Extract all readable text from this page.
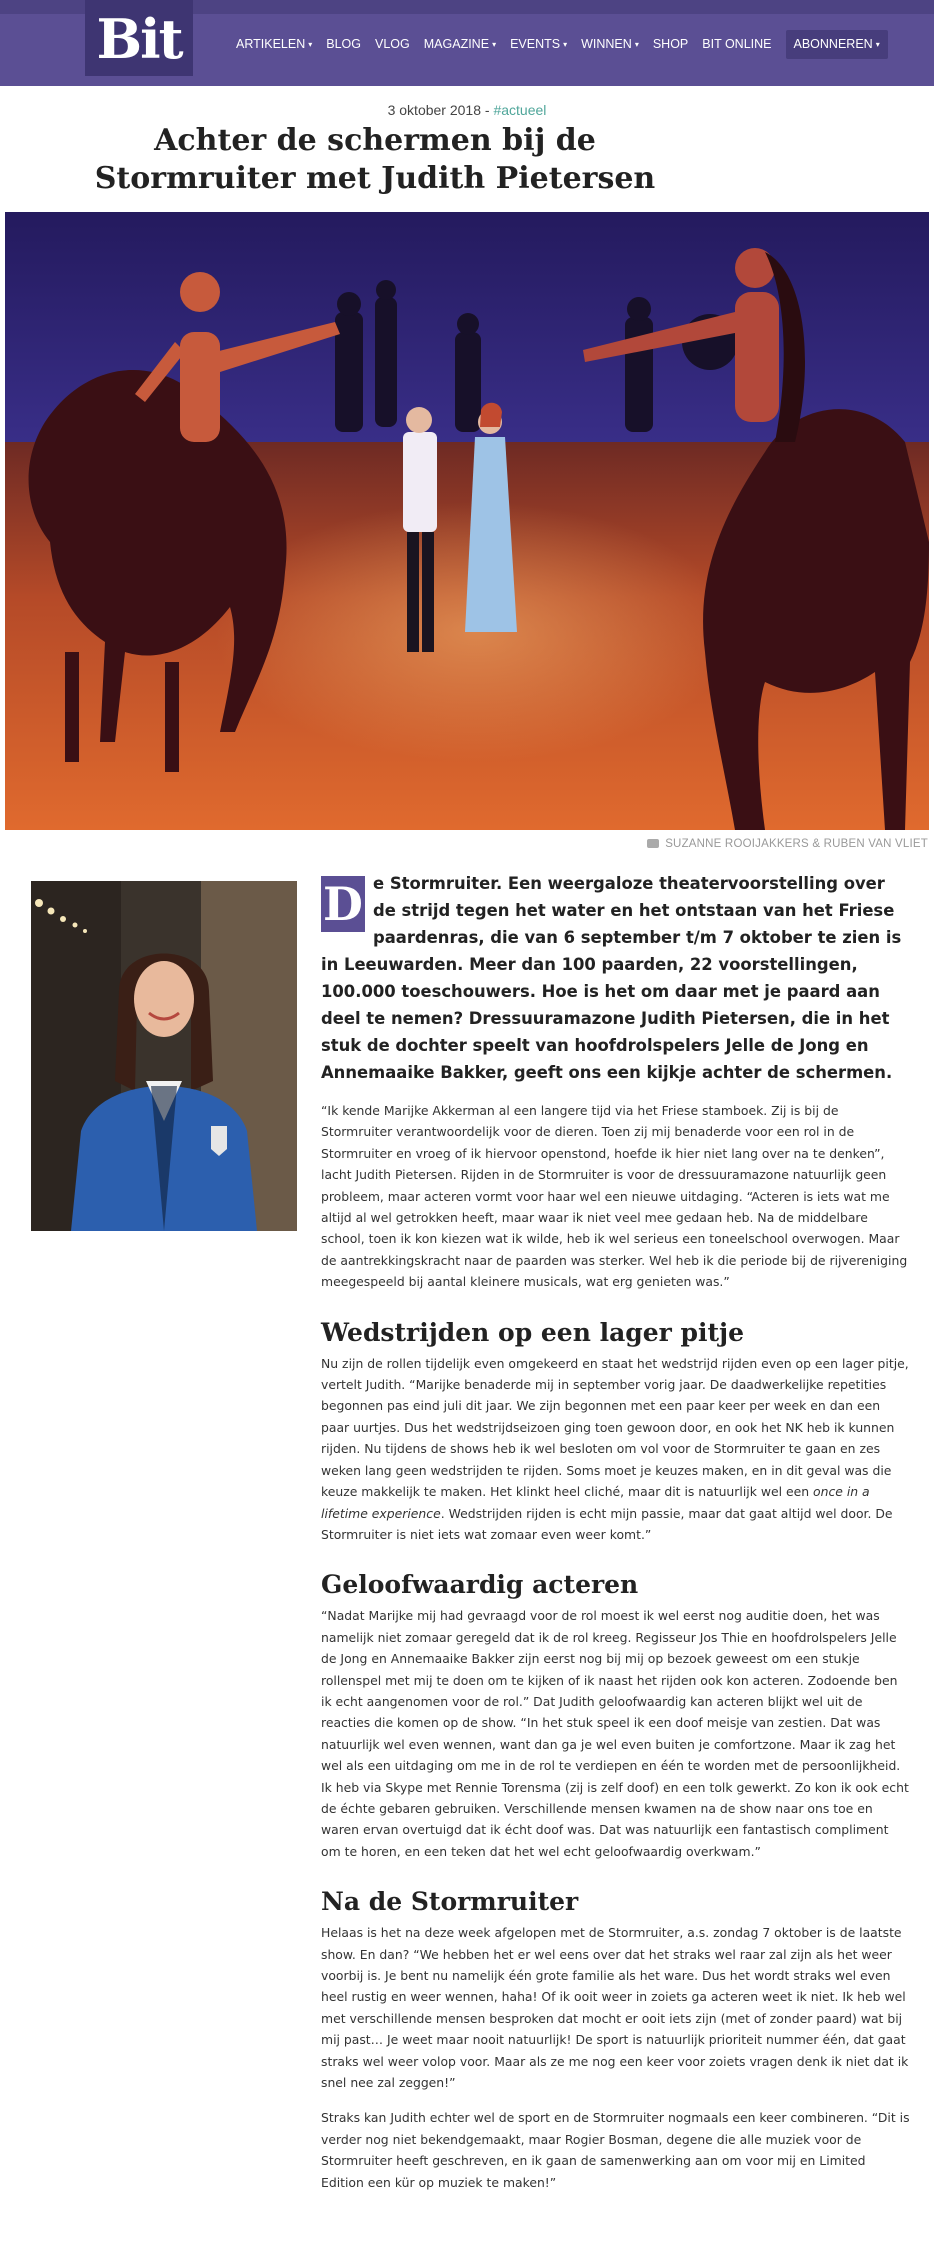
Bit	ARTIKELEN ▾ BLOG VLOG MAGAZINE ▾ EVENTS ▾ WINNEN ▾ SHOP BIT ONLINE	ABONNEREN ▾
3 oktober 2018 - #actueel
Achter de schermen bij de Stormruiter met Judith Pietersen
SUZANNE ROOIJAKKERS & RUBEN VAN VLIET

D e Stormruiter. Een weergaloze theatervoorstelling over de strijd tegen het water en het ontstaan van het Friese paardenras, die van 6 september t/m 7 oktober te zien is in Leeuwarden. Meer dan 100 paarden, 22 voorstellingen, 100.000 toeschouwers. Hoe is het om daar met je paard aan deel te nemen? Dressuuramazone Judith Pietersen, die in het stuk de dochter speelt van hoofdrolspelers Jelle de Jong en Annemaaike Bakker, geeft ons een kijkje achter de schermen.

“Ik kende Marijke Akkerman al een langere tijd via het Friese stamboek. Zij is bij de Stormruiter verantwoordelijk voor de dieren. Toen zij mij benaderde voor een rol in de Stormruiter en vroeg of ik hiervoor openstond, hoefde ik hier niet lang over na te denken”, lacht Judith Pietersen. Rijden in de Stormruiter is voor de dressuuramazone natuurlijk geen probleem, maar acteren vormt voor haar wel een nieuwe uitdaging. “Acteren is iets wat me altijd al wel getrokken heeft, maar waar ik niet veel mee gedaan heb. Na de middelbare school, toen ik kon kiezen wat ik wilde, heb ik wel serieus een toneelschool overwogen. Maar de aantrekkingskracht naar de paarden was sterker. Wel heb ik die periode bij de rijvereniging meegespeeld bij aantal kleinere musicals, wat erg genieten was.”

Wedstrijden op een lager pitje

Nu zijn de rollen tijdelijk even omgekeerd en staat het wedstrijd rijden even op een lager pitje, vertelt Judith. “Marijke benaderde mij in september vorig jaar. De daadwerkelijke repetities begonnen pas eind juli dit jaar. We zijn begonnen met een paar keer per week en dan een paar uurtjes. Dus het wedstrijdseizoen ging toen gewoon door, en ook het NK heb ik kunnen rijden. Nu tijdens de shows heb ik wel besloten om vol voor de Stormruiter te gaan en zes weken lang geen wedstrijden te rijden. Soms moet je keuzes maken, en in dit geval was die keuze makkelijk te maken. Het klinkt heel cliché, maar dit is natuurlijk wel een once in a lifetime experience. Wedstrijden rijden is echt mijn passie, maar dat gaat altijd wel door. De Stormruiter is niet iets wat zomaar even weer komt.”

Geloofwaardig acteren

“Nadat Marijke mij had gevraagd voor de rol moest ik wel eerst nog auditie doen, het was namelijk niet zomaar geregeld dat ik de rol kreeg. Regisseur Jos Thie en hoofdrolspelers Jelle de Jong en Annemaaike Bakker zijn eerst nog bij mij op bezoek geweest om een stukje rollenspel met mij te doen om te kijken of ik naast het rijden ook kon acteren. Zodoende ben ik echt aangenomen voor de rol.” Dat Judith geloofwaardig kan acteren blijkt wel uit de reacties die komen op de show. “In het stuk speel ik een doof meisje van zestien. Dat was natuurlijk wel even wennen, want dan ga je wel even buiten je comfortzone. Maar ik zag het wel als een uitdaging om me in de rol te verdiepen en één te worden met de persoonlijkheid. Ik heb via Skype met Rennie Torensma (zij is zelf doof) en een tolk gewerkt. Zo kon ik ook echt de échte gebaren gebruiken. Verschillende mensen kwamen na de show naar ons toe en waren ervan overtuigd dat ik écht doof was. Dat was natuurlijk een fantastisch compliment om te horen, en een teken dat het wel echt geloofwaardig overkwam.”

Na de Stormruiter

Helaas is het na deze week afgelopen met de Stormruiter, a.s. zondag 7 oktober is de laatste show. En dan? “We hebben het er wel eens over dat het straks wel raar zal zijn als het weer voorbij is. Je bent nu namelijk één grote familie als het ware. Dus het wordt straks wel even heel rustig en weer wennen, haha! Of ik ooit weer in zoiets ga acteren weet ik niet. Ik heb wel met verschillende mensen besproken dat mocht er ooit iets zijn (met of zonder paard) wat bij mij past… Je weet maar nooit natuurlijk! De sport is natuurlijk prioriteit nummer één, dat gaat straks wel weer volop voor. Maar als ze me nog een keer voor zoiets vragen denk ik niet dat ik snel nee zal zeggen!”

Straks kan Judith echter wel de sport en de Stormruiter nogmaals een keer combineren. “Dit is verder nog niet bekendgemaakt, maar Rogier Bosman, degene die alle muziek voor de Stormruiter heeft geschreven, en ik gaan de samenwerking aan om voor mij en Limited Edition een kür op muziek te maken!”
